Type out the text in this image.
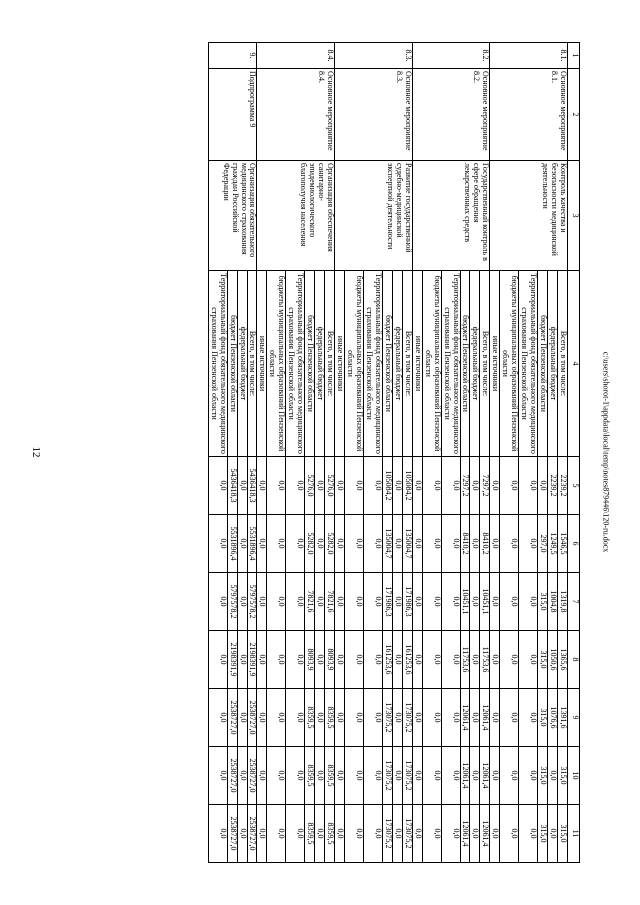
12
1	2	3	4	5	6	7	8	9	10	11
8.1.	Основное мероприятие 8.1.	Контроль качества и безопасности медицинской деятельности	Всего, в том числе:	2239,2	1546,5	1319,8	1365,6	1391,6	315,0	315,0
			федеральный бюджет	2239,2	1249,5	1004,8	1050,6	1076,6	0,0	0,0
			бюджет Пензенской области	0,0	297,0	315,0	315,0	315,0	315,0	315,0
			Территориальный фонд обязательного медицинского страхования Пензенской области	0,0	0,0	0,0	0,0	0,0	0,0	0,0
			бюджеты муниципальных образований Пензенской области	0,0	0,0	0,0	0,0	0,0	0,0	0,0
			иные источники	0,0	0,0	0,0	0,0	0,0	0,0	0,0
8.2.	Основное мероприятие 8.2.	Государственный контроль в сфере обращения лекарственных средств	Всего, в том числе:	7297,2	8410,2	10451,1	11753,6	12061,4	12061,4	12061,4
			федеральный бюджет	0,0	0,0	0,0	0,0	0,0	0,0	0,0
			бюджет Пензенской области	7297,2	8410,2	10451,1	11753,6	12061,4	12061,4	12061,4
			Территориальный фонд обязательного медицинского страхования Пензенской области	0,0	0,0	0,0	0,0	0,0	0,0	0,0
			бюджеты муниципальных образований Пензенской области	0,0	0,0	0,0	0,0	0,0	0,0	0,0
			иные источники	0,0	0,0	0,0	0,0	0,0	0,0	0,0
8.3.	Основное мероприятие 8.3.	Развитие государственной судебно-медицинской экспертной деятельности	Всего, в том числе:	105084,2	135004,7	171986,3	161253,6	173075,2	173075,2	173075,2
			федеральный бюджет	0,0	0,0	0,0	0,0	0,0	0,0	0,0
			бюджет Пензенской области	105084,2	135004,7	171986,3	161253,6	173075,2	173075,2	173075,2
			Территориальный фонд обязательного медицинского страхования Пензенской области	0,0	0,0	0,0	0,0	0,0	0,0	0,0
			бюджеты муниципальных образований Пензенской области	0,0	0,0	0,0	0,0	0,0	0,0	0,0
			иные источники	0,0	0,0	0,0	0,0	0,0	0,0	0,0
8.4.	Основное мероприятие 8.4.	Организация обеспечения санитарно-эпидемиологического благополучия населения	Всего, в том числе:	5276,0	5282,0	7821,6	8093,9	8359,5	8359,5	8359,5
			федеральный бюджет	0,0	0,0	0,0	0,0	0,0	0,0	0,0
			бюджет Пензенской области	5276,0	5282,0	7821,6	8093,9	8359,5	8359,5	8359,5
			Территориальный фонд обязательного медицинского страхования Пензенской области	0,0	0,0	0,0	0,0	0,0	0,0	0,0
			бюджеты муниципальных образований Пензенской области	0,0	0,0	0,0	0,0	0,0	0,0	0,0
			иные источники	0,0	0,0	0,0	0,0	0,0	0,0	0,0
9.	Подпрограмма 9	Организация обязательного медицинского страхования граждан Российской Федерации	Всего, в том числе:	5436418,3	5531896,4	5797578,2	2198391,9	2538727,0	2538727,0	2538727,0
			федеральный бюджет	0,0	0,0	0,0	0,0	0,0	0,0	0,0
			бюджет Пензенской области	5436418,3	5531896,4	5797578,2	2198391,9	2538727,0	2538727,0	2538727,0
			Территориальный фонд обязательного медицинского страхования Пензенской области	0,0	0,0	0,0	0,0	0,0	0,0	0,0
c:\users\shorot-1\appdata\local\temp\notes879446\120-ru.docx
